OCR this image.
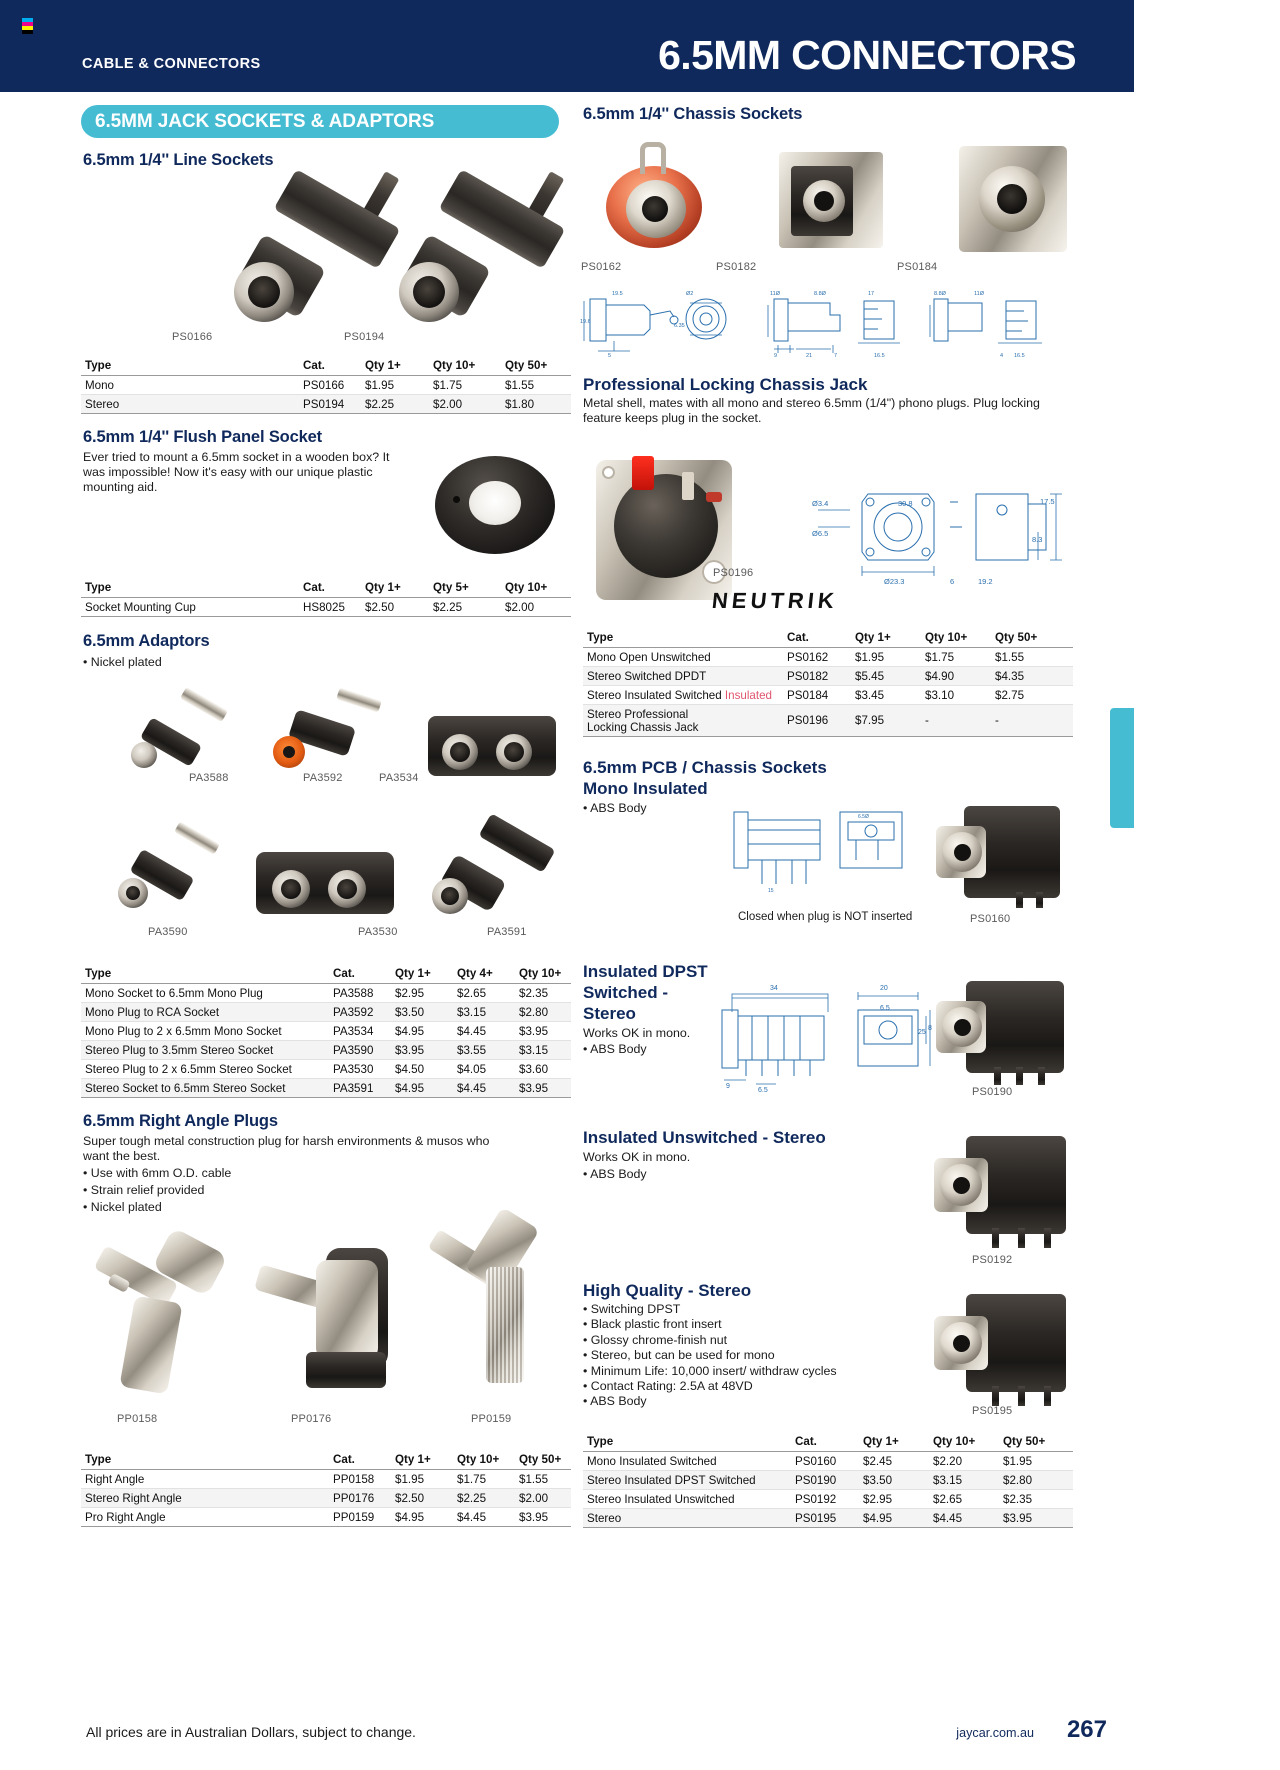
CABLE & CONNECTORS	6.5MM CONNECTORS
6.5MM JACK SOCKETS & ADAPTORS
6.5mm 1/4'' Line Sockets
PS0166	PS0194
Type	Cat.	Qty 1+	Qty 10+	Qty 50+
Mono	PS0166	$1.95	$1.75	$1.55
Stereo	PS0194	$2.25	$2.00	$1.80
6.5mm 1/4'' Flush Panel Socket
Ever tried to mount a 6.5mm socket in a wooden box? It was impossible! Now it's easy with our unique plastic mounting aid.
Type	Cat.	Qty 1+	Qty 5+	Qty 10+
Socket Mounting Cup	HS8025	$2.50	$2.25	$2.00
6.5mm Adaptors
• Nickel plated
PA3588	PA3592	PA3534
PA3590	PA3530	PA3591
Type	Cat.	Qty 1+	Qty 4+	Qty 10+
Mono Socket to 6.5mm Mono Plug	PA3588	$2.95	$2.65	$2.35
Mono Plug to RCA Socket	PA3592	$3.50	$3.15	$2.80
Mono Plug to 2 x 6.5mm Mono Socket	PA3534	$4.95	$4.45	$3.95
Stereo Plug to 3.5mm Stereo Socket	PA3590	$3.95	$3.55	$3.15
Stereo Plug to 2 x 6.5mm Stereo Socket	PA3530	$4.50	$4.05	$3.60
Stereo Socket to 6.5mm Stereo Socket	PA3591	$4.95	$4.45	$3.95
6.5mm Right Angle Plugs
Super tough metal construction plug for harsh environments & musos who want the best.
• Use with 6mm O.D. cable
• Strain relief provided
• Nickel plated
PP0158	PP0176	PP0159
Type	Cat.	Qty 1+	Qty 10+	Qty 50+
Right Angle	PP0158	$1.95	$1.75	$1.55
Stereo Right Angle	PP0176	$2.50	$2.25	$2.00
Pro Right Angle	PP0159	$4.95	$4.45	$3.95
6.5mm 1/4'' Chassis Sockets
PS0162	PS0182	PS0184
19.5
19.6
5
Ø2
6.35
11Ø	8.8Ø
9	21	7
17
16.5
8.8Ø	11Ø
16.5
4
Professional Locking Chassis Jack
Metal shell, mates with all mono and stereo 6.5mm (1/4") phono plugs. Plug locking feature keeps plug in the socket.
PS0196
NEUTRIK
Ø3.4
Ø6.5
30.8
Ø23.3	6	19.2
17.5
8.3
Type	Cat.	Qty 1+	Qty 10+	Qty 50+
Mono Open Unswitched	PS0162	$1.95	$1.75	$1.55
Stereo Switched DPDT	PS0182	$5.45	$4.90	$4.35
Stereo Insulated Switched Insulated	PS0184	$3.45	$3.10	$2.75
Stereo Professional
Locking Chassis Jack	PS0196	$7.95	-	-
6.5mm PCB / Chassis Sockets
Mono Insulated
• ABS Body
15
6.5Ø
Closed when plug is NOT inserted	PS0160
Insulated DPST
Switched -
Stereo
Works OK in mono.
• ABS Body
34	20
6.5
25
8
9
6.5	PS0190
Insulated Unswitched - Stereo
Works OK in mono.
• ABS Body
PS0192
High Quality - Stereo
• Switching DPST
• Black plastic front insert
• Glossy chrome-finish nut
• Stereo, but can be used for mono
• Minimum Life: 10,000 insert/ withdraw cycles
• Contact Rating: 2.5A at 48VD
• ABS Body
PS0195
Type	Cat.	Qty 1+	Qty 10+	Qty 50+
Mono Insulated Switched	PS0160	$2.45	$2.20	$1.95
Stereo Insulated DPST Switched	PS0190	$3.50	$3.15	$2.80
Stereo Insulated Unswitched	PS0192	$2.95	$2.65	$2.35
Stereo	PS0195	$4.95	$4.45	$3.95
All prices are in Australian Dollars, subject to change.	jaycar.com.au 267
